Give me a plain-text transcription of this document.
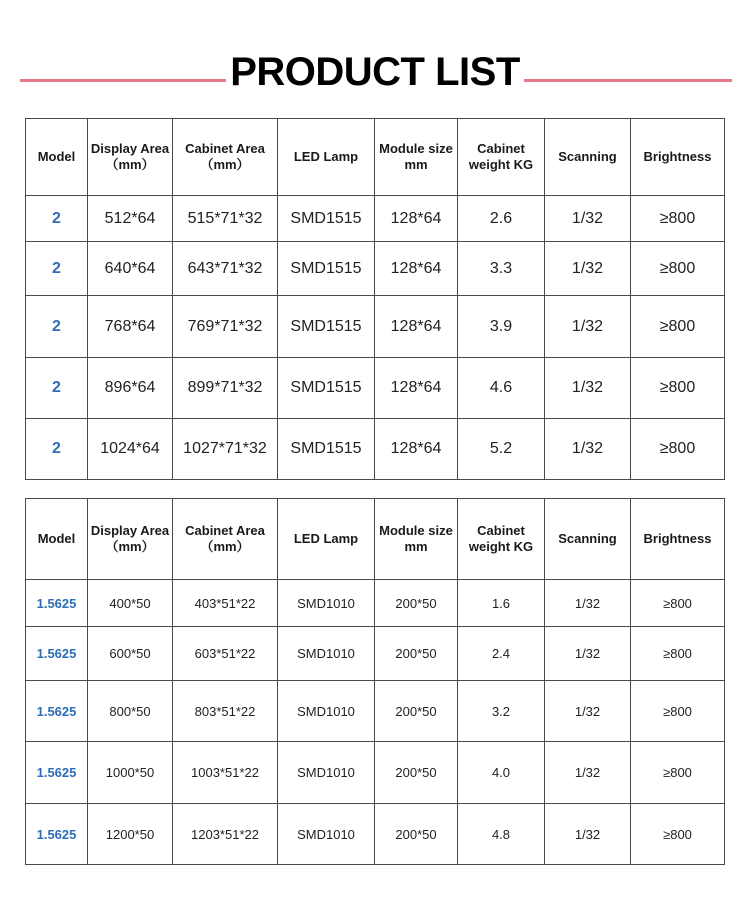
PRODUCT LIST
Model	Display Area（mm）	Cabinet Area（mm）	LED Lamp	Module size mm	Cabinet weight KG	Scanning	Brightness
2	512*64	515*71*32	SMD1515	128*64	2.6	1/32	≥800
2	640*64	643*71*32	SMD1515	128*64	3.3	1/32	≥800
2	768*64	769*71*32	SMD1515	128*64	3.9	1/32	≥800
2	896*64	899*71*32	SMD1515	128*64	4.6	1/32	≥800
2	1024*64	1027*71*32	SMD1515	128*64	5.2	1/32	≥800
Model	Display Area（mm）	Cabinet Area（mm）	LED Lamp	Module size mm	Cabinet weight KG	Scanning	Brightness
1.5625	400*50	403*51*22	SMD1010	200*50	1.6	1/32	≥800
1.5625	600*50	603*51*22	SMD1010	200*50	2.4	1/32	≥800
1.5625	800*50	803*51*22	SMD1010	200*50	3.2	1/32	≥800
1.5625	1000*50	1003*51*22	SMD1010	200*50	4.0	1/32	≥800
1.5625	1200*50	1203*51*22	SMD1010	200*50	4.8	1/32	≥800
